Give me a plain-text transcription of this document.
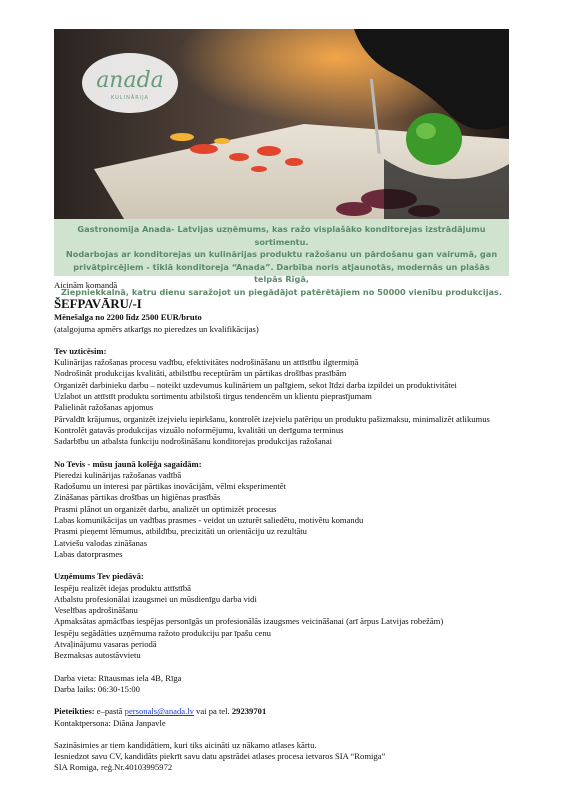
anada
KULINĀRIJA
Gastronomija Anada- Latvijas uzņēmums, kas ražo visplašāko konditorejas izstrādājumu sortimentu.
Nodarbojas ar konditorejas un kulinārijas produktu ražošanu un pārdošanu gan vairumā, gan
privātpircējiem - tīklā konditoreja “Anada”. Darbība noris atjaunotās, modernās un plašās telpās Rīgā,
Ziepniekkalnā, katru dienu saražojot un piegādājot patērētājiem no 50000 vienību produkcijas.

Aicinām komandā

ŠEFPAVĀRU/-I

Mēnešalga no 2200 līdz 2500 EUR/bruto

(atalgojuma apmērs atkarīgs no pieredzes un kvalifikācijas)

Tev uzticēsim:

Kulinārijas ražošanas procesu vadību, efektivitātes nodrošināšanu un attīstību ilgtermiņā

Nodrošināt produkcijas kvalitāti, atbilstību receptūrām un pārtikas drošības prasībām

Organizēt darbinieku darbu – noteikt uzdevumus kulināriem un palīgiem, sekot līdzi darba izpildei un produktivitātei

Uzlabot un attīstīt produktu sortimentu atbilstoši tirgus tendencēm un klientu pieprasījumam

Palielināt ražošanas apjomus

Pārvaldīt krājumus, organizēt izejvielu iepirkšanu, kontrolēt izejvielu patēriņu un produktu pašizmaksu, minimalizēt atlikumus

Kontrolēt gatavās produkcijas vizuālo noformējumu, kvalitāti un derīguma terminus

Sadarbību un atbalsta funkciju nodrošināšanu konditorejas produkcijas ražošanai

No Tevis - mūsu jaunā kolēģa sagaidām:

Pieredzi kulinārijas ražošanas vadībā

Radošumu un interesi par pārtikas inovācijām, vēlmi eksperimentēt

Zināšanas pārtikas drošības un higiēnas prasībās

Prasmi plānot un organizēt darbu, analizēt un optimizēt procesus

Labas komunikācijas un vadības prasmes - veidot un uzturēt saliedētu, motivētu komandu

Prasmi pieņemt lēmumus, atbildību, precizitāti un orientāciju uz rezultātu

Latviešu valodas zināšanas

Labas datorprasmes

Uzņēmums Tev piedāvā:

Iespēju realizēt idejas produktu attīstībā

Atbalstu profesionālai izaugsmei un mūsdienīgu darba vidi

Veselības apdrošināšanu

Apmaksātas apmācības iespējas personīgās un profesionālās izaugsmes veicināšanai (arī ārpus Latvijas robežām)

Iespēju segādāties uzņēmuma ražoto produkciju par īpašu cenu

Atvaļinājumu vasaras periodā

Bezmaksas autostāvvietu

Darba vieta: Rītausmas iela 4B, Rīga

Darba laiks: 06:30-15:00

Pieteikties: e–pastā personals@anada.lv vai pa tel. 29239701

Kontaktpersona: Diāna Janpavle

Sazināsimies ar tiem kandidātiem, kuri tiks aicināti uz nākamo atlases kārtu.

Iesniedzot savu CV, kandidāts piekrīt savu datu apstrādei atlases procesa ietvaros SIA “Romiga”

SIA Romiga, reģ.Nr.40103995972
